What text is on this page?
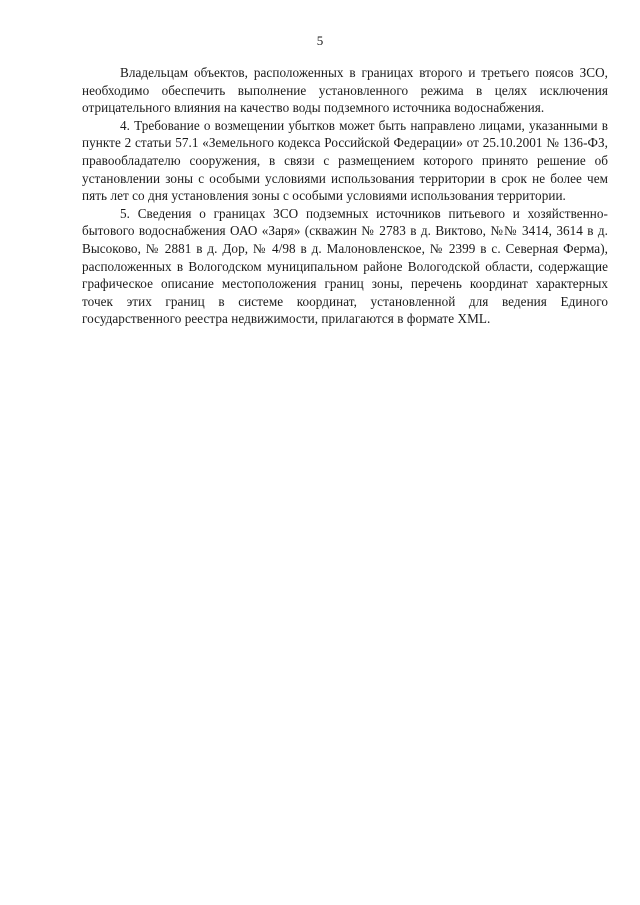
5

Владельцам объектов, расположенных в границах второго и третьего поясов ЗСО, необходимо обеспечить выполнение установленного режима в целях исключения отрицательного влияния на качество воды подземного источника водоснабжения.

4. Требование о возмещении убытков может быть направлено лицами, указанными в пункте 2 статьи 57.1 «Земельного кодекса Российской Федерации» от 25.10.2001 № 136-ФЗ, правообладателю сооружения, в связи с размещением которого принято решение об установлении зоны с особыми условиями использования территории в срок не более чем пять лет со дня установления зоны с особыми условиями использования территории.

5. Сведения о границах ЗСО подземных источников питьевого и хозяйственно-бытового водоснабжения ОАО «Заря» (скважин № 2783 в д. Виктово, №№ 3414, 3614 в д. Высоково, № 2881 в д. Дор, № 4/98 в д. Малоновленское, № 2399 в с. Северная Ферма), расположенных в Вологодском муниципальном районе Вологодской области, содержащие графическое описание местоположения границ зоны, перечень координат характерных точек этих границ в системе координат, установленной для ведения Единого государственного реестра недвижимости, прилагаются в формате XML.
